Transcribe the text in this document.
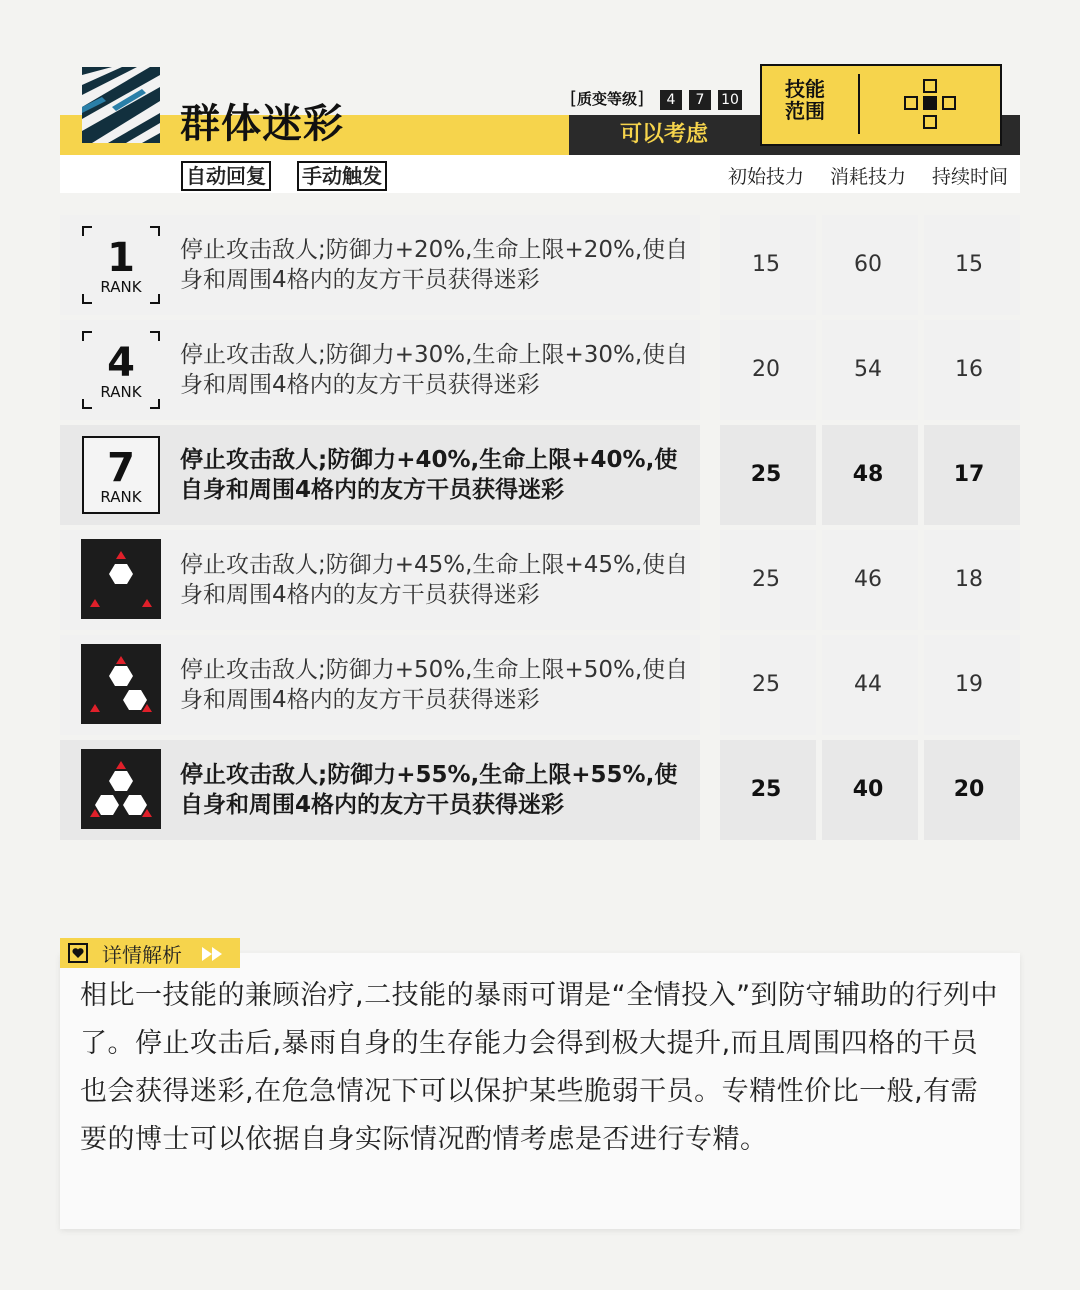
群体迷彩
自动回复 手动触发
[质变等级]	4	7	10
可以考虑
技能范围
初始技力 消耗技力 持续时间
1
RANK
停止攻击敌人;防御力+20%,生命上限+20%,使自身和周围4格内的友方干员获得迷彩
15	60	15
4
RANK
停止攻击敌人;防御力+30%,生命上限+30%,使自身和周围4格内的友方干员获得迷彩
20	54	16
7
RANK
停止攻击敌人;防御力+40%,生命上限+40%,使自身和周围4格内的友方干员获得迷彩
25	48	17
停止攻击敌人;防御力+45%,生命上限+45%,使自身和周围4格内的友方干员获得迷彩
25	46	18
停止攻击敌人;防御力+50%,生命上限+50%,使自身和周围4格内的友方干员获得迷彩
25	44	19
停止攻击敌人;防御力+55%,生命上限+55%,使自身和周围4格内的友方干员获得迷彩
25	40	20
详情解析
相比一技能的兼顾治疗,二技能的暴雨可谓是“全情投入”到防守辅助的行列中了。停止攻击后,暴雨自身的生存能力会得到极大提升,而且周围四格的干员也会获得迷彩,在危急情况下可以保护某些脆弱干员。专精性价比一般,有需要的博士可以依据自身实际情况酌情考虑是否进行专精。
